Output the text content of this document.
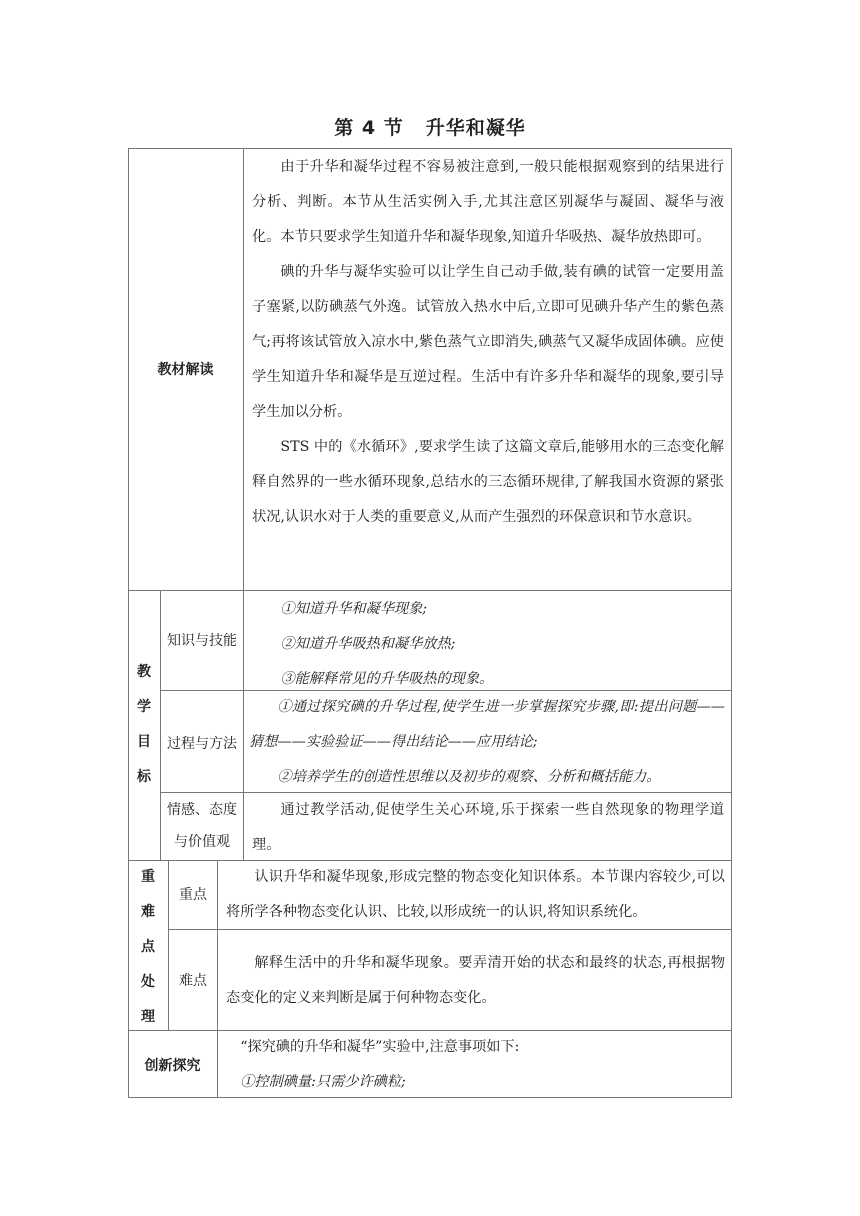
第 4 节 升华和凝华
教材解读

由于升华和凝华过程不容易被注意到,一般只能根据观察到的结果进行分析、判断。本节从生活实例入手,尤其注意区别凝华与凝固、凝华与液化。本节只要求学生知道升华和凝华现象,知道升华吸热、凝华放热即可。

碘的升华与凝华实验可以让学生自己动手做,装有碘的试管一定要用盖子塞紧,以防碘蒸气外逸。试管放入热水中后,立即可见碘升华产生的紫色蒸气;再将该试管放入凉水中,紫色蒸气立即消失,碘蒸气又凝华成固体碘。应使学生知道升华和凝华是互逆过程。生活中有许多升华和凝华的现象,要引导学生加以分析。

STS 中的《水循环》,要求学生读了这篇文章后,能够用水的三态变化解释自然界的一些水循环现象,总结水的三态循环规律,了解我国水资源的紧张状况,认识水对于人类的重要意义,从而产生强烈的环保意识和节水意识。

教
学
目
标
知识与技能

①知道升华和凝华现象;

②知道升华吸热和凝华放热;

③能解释常见的升华吸热的现象。

过程与方法

①通过探究碘的升华过程,使学生进一步掌握探究步骤,即:提出问题——猜想——实验验证——得出结论——应用结论;

②培养学生的创造性思维以及初步的观察、分析和概括能力。

情感、态度
与价值观

通过教学活动,促使学生关心环境,乐于探索一些自然现象的物理学道理。

重
难
点
处
理
重点

认识升华和凝华现象,形成完整的物态变化知识体系。本节课内容较少,可以将所学各种物态变化认识、比较,以形成统一的认识,将知识系统化。

难点

解释生活中的升华和凝华现象。要弄清开始的状态和最终的状态,再根据物态变化的定义来判断是属于何种物态变化。

创新探究

“探究碘的升华和凝华”实验中,注意事项如下:

①控制碘量:只需少许碘粒;
